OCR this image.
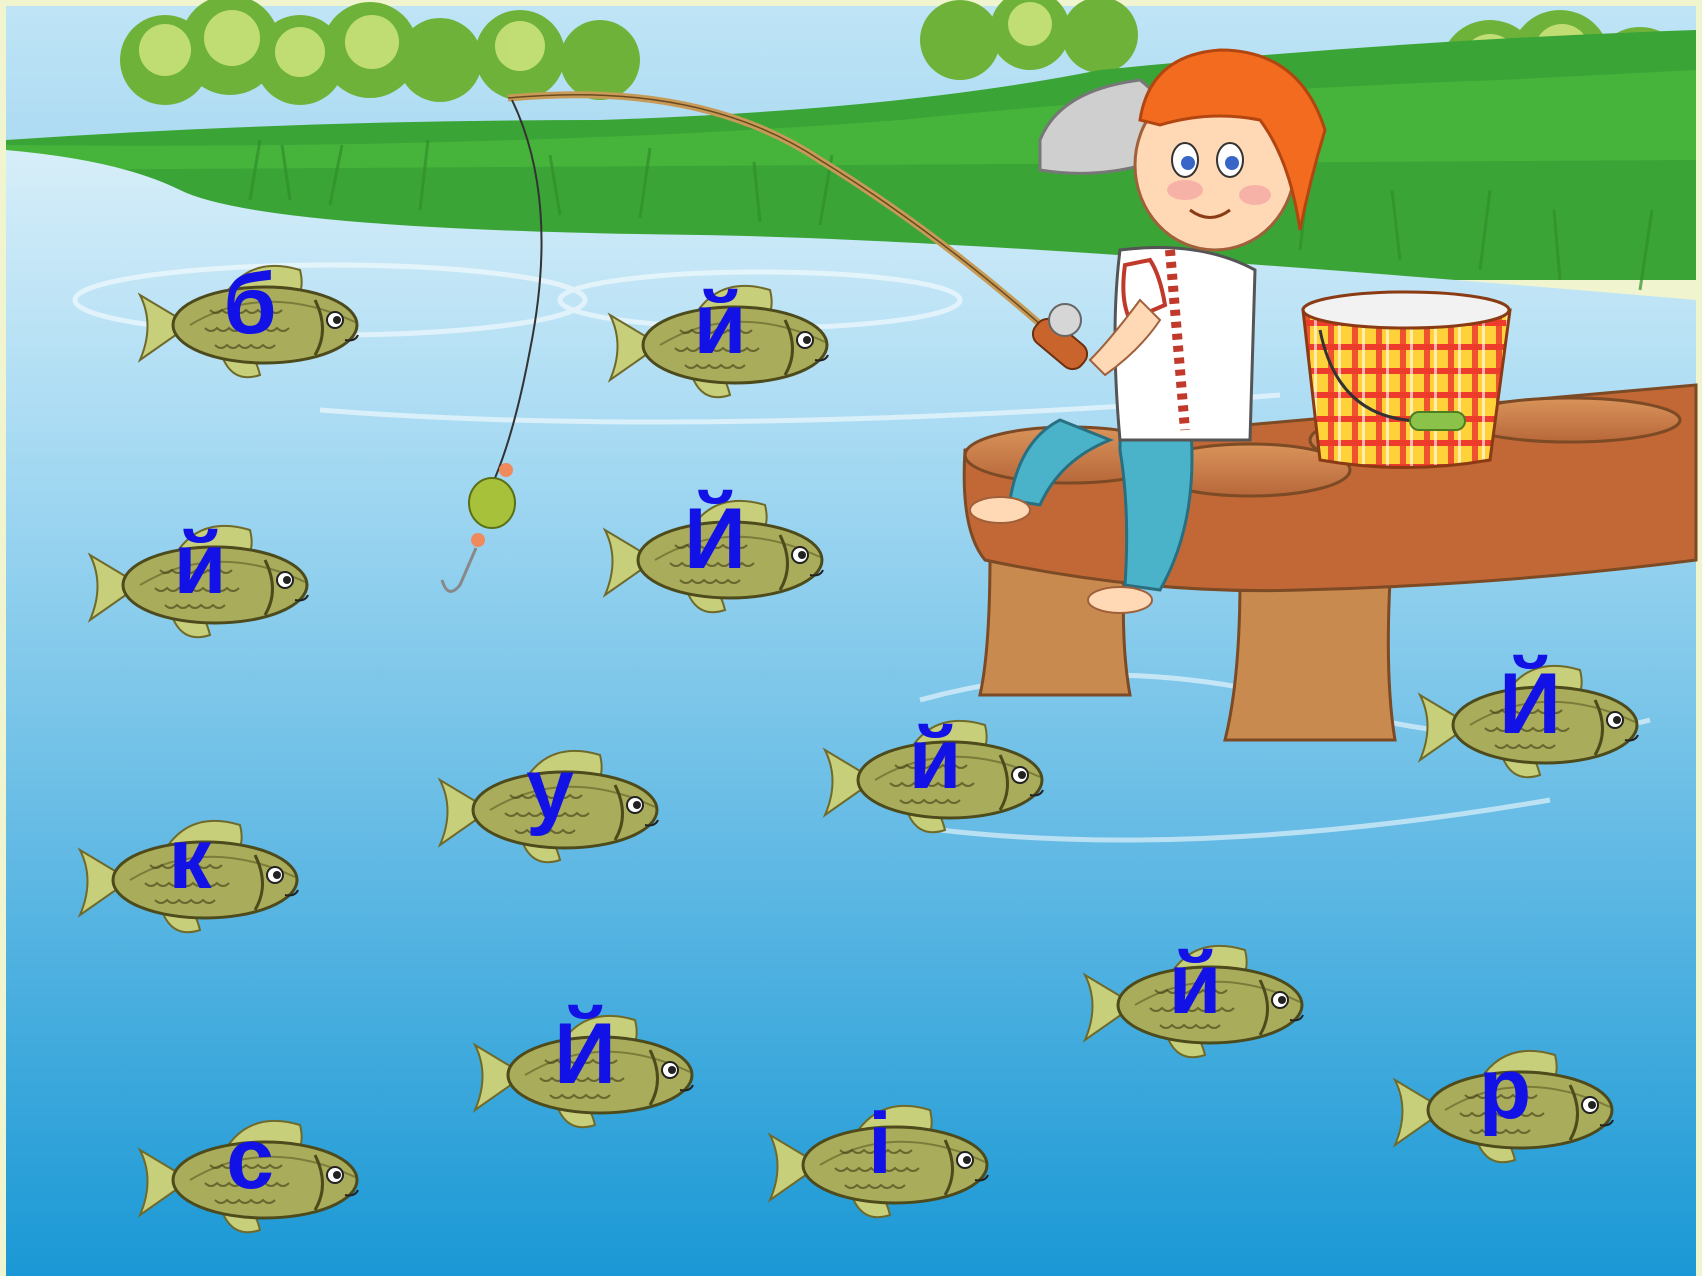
б	й
й	Й
Й
у	й
к
й
Й	р
і
с
